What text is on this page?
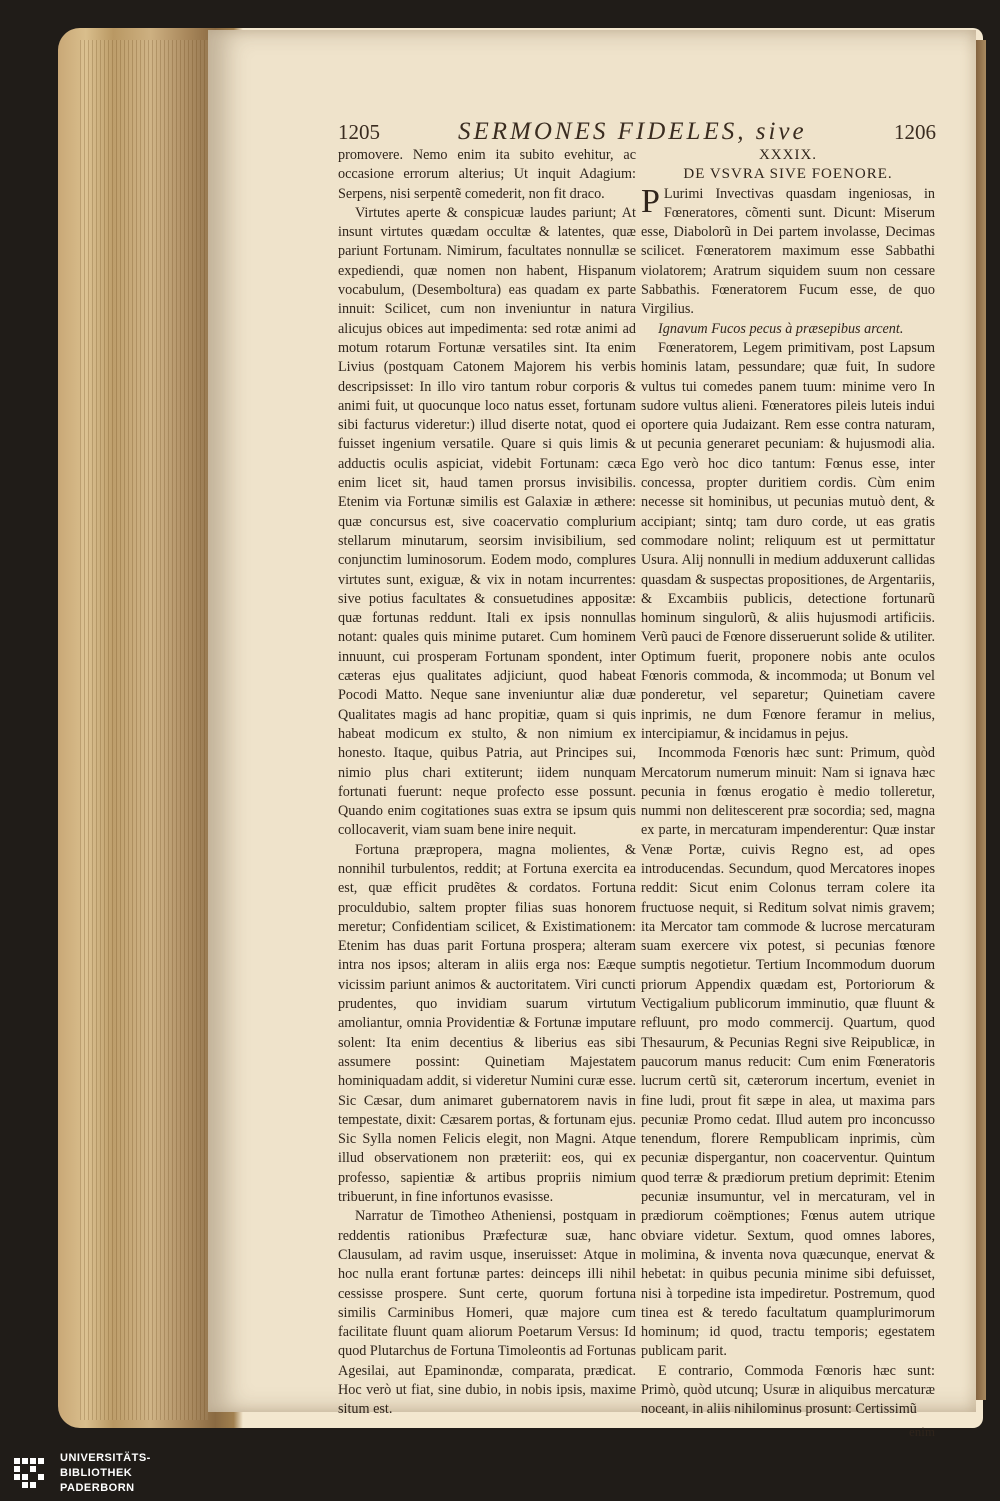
1205	SERMONES FIDELES, sive	1206

promovere. Nemo enim ita subito evehitur, ac occasione errorum alterius; Ut inquit Adagium: Serpens, nisi serpentẽ comederit, non fit draco.

Virtutes aperte & conspicuæ laudes pariunt; At insunt virtutes quædam occultæ & latentes, quæ pariunt Fortunam. Nimirum, facultates nonnullæ se expediendi, quæ nomen non habent, Hispanum vocabulum, (Desemboltura) eas quadam ex parte innuit: Scilicet, cum non inveniuntur in natura alicujus obices aut impedimenta: sed rotæ animi ad motum rotarum Fortunæ versatiles sint. Ita enim Livius (postquam Catonem Majorem his verbis descripsisset: In illo viro tantum robur corporis & animi fuit, ut quocunque loco natus esset, fortunam sibi facturus videretur:) illud diserte notat, quod ei fuisset ingenium versatile. Quare si quis limis & adductis oculis aspiciat, videbit Fortunam: cæca enim licet sit, haud tamen prorsus invisibilis. Etenim via Fortunæ similis est Galaxiæ in æthere: quæ concursus est, sive coacervatio complurium stellarum minutarum, seorsim invisibilium, sed conjunctim luminosorum. Eodem modo, complures virtutes sunt, exiguæ, & vix in notam incurrentes: sive potius facultates & consuetudines appositæ: quæ fortunas reddunt. Itali ex ipsis nonnullas notant: quales quis minime putaret. Cum hominem innuunt, cui prosperam Fortunam spondent, inter cæteras ejus qualitates adjiciunt, quod habeat Pocodi Matto. Neque sane inveniuntur aliæ duæ Qualitates magis ad hanc propitiæ, quam si quis habeat modicum ex stulto, & non nimium ex honesto. Itaque, quibus Patria, aut Principes sui, nimio plus chari extiterunt; iidem nunquam fortunati fuerunt: neque profecto esse possunt. Quando enim cogitationes suas extra se ipsum quis collocaverit, viam suam bene inire nequit.

Fortuna præpropera, magna molientes, & nonnihil turbulentos, reddit; at Fortuna exercita ea est, quæ efficit prudẽtes & cordatos. Fortuna proculdubio, saltem propter filias suas honorem meretur; Confidentiam scilicet, & Existimationem: Etenim has duas parit Fortuna prospera; alteram intra nos ipsos; alteram in aliis erga nos: Eæque vicissim pariunt animos & auctoritatem. Viri cuncti prudentes, quo invidiam suarum virtutum amoliantur, omnia Providentiæ & Fortunæ imputare solent: Ita enim decentius & liberius eas sibi assumere possint: Quinetiam Majestatem hominiquadam addit, si videretur Numini curæ esse. Sic Cæsar, dum animaret gubernatorem navis in tempestate, dixit: Cæsarem portas, & fortunam ejus. Sic Sylla nomen Felicis elegit, non Magni. Atque illud observationem non præteriit: eos, qui ex professo, sapientiæ & artibus propriis nimium tribuerunt, in fine infortunos evasisse.

Narratur de Timotheo Atheniensi, postquam in reddentis rationibus Præfecturæ suæ, hanc Clausulam, ad ravim usque, inseruisset: Atque in hoc nulla erant fortunæ partes: deinceps illi nihil cessisse prospere. Sunt certe, quorum fortuna similis Carminibus Homeri, quæ majore cum facilitate fluunt quam aliorum Poetarum Versus: Id quod Plutarchus de Fortuna Timoleontis ad Fortunas Agesilai, aut Epaminondæ, comparata, prædicat. Hoc verò ut fiat, sine dubio, in nobis ipsis, maxime situm est.

XXXIX.

DE VSVRA SIVE FOENORE.

P Lurimi Invectivas quasdam ingeniosas, in Fœneratores, cõmenti sunt. Dicunt: Miserum esse, Diabolorũ in Dei partem involasse, Decimas scilicet. Fœneratorem maximum esse Sabbathi violatorem; Aratrum siquidem suum non cessare Sabbathis. Fœneratorem Fucum esse, de quo Virgilius.

Ignavum Fucos pecus à præsepibus arcent.

Fœneratorem, Legem primitivam, post Lapsum hominis latam, pessundare; quæ fuit, In sudore vultus tui comedes panem tuum: minime vero In sudore vultus alieni. Fœneratores pileis luteis indui oportere quia Judaizant. Rem esse contra naturam, ut pecunia generaret pecuniam: & hujusmodi alia. Ego verò hoc dico tantum: Fœnus esse, inter concessa, propter duritiem cordis. Cùm enim necesse sit hominibus, ut pecunias mutuò dent, & accipiant; sintq; tam duro corde, ut eas gratis commodare nolint; reliquum est ut permittatur Usura. Alij nonnulli in medium adduxerunt callidas quasdam & suspectas propositiones, de Argentariis, & Excambiis publicis, detectione fortunarũ hominum singulorũ, & aliis hujusmodi artificiis. Verũ pauci de Fœnore disseruerunt solide & utiliter. Optimum fuerit, proponere nobis ante oculos Fœnoris commoda, & incommoda; ut Bonum vel ponderetur, vel separetur; Quinetiam cavere inprimis, ne dum Fœnore feramur in melius, intercipiamur, & incidamus in pejus.

Incommoda Fœnoris hæc sunt: Primum, quòd Mercatorum numerum minuit: Nam si ignava hæc pecunia in fœnus erogatio è medio tolleretur, nummi non delitescerent præ socordia; sed, magna ex parte, in mercaturam impenderentur: Quæ instar Venæ Portæ, cuivis Regno est, ad opes introducendas. Secundum, quod Mercatores inopes reddit: Sicut enim Colonus terram colere ita fructuose nequit, si Reditum solvat nimis gravem; ita Mercator tam commode & lucrose mercaturam suam exercere vix potest, si pecunias fœnore sumptis negotietur. Tertium Incommodum duorum priorum Appendix quædam est, Portoriorum & Vectigalium publicorum imminutio, quæ fluunt & refluunt, pro modo commercij. Quartum, quod Thesaurum, & Pecunias Regni sive Reipublicæ, in paucorum manus reducit: Cum enim Fœneratoris lucrum certũ sit, cæterorum incertum, eveniet in fine ludi, prout fit sæpe in alea, ut maxima pars pecuniæ Promo cedat. Illud autem pro inconcusso tenendum, florere Rempublicam inprimis, cùm pecuniæ dispergantur, non coacerventur. Quintum quod terræ & prædiorum pretium deprimit: Etenim pecuniæ insumuntur, vel in mercaturam, vel in prædiorum coëmptiones; Fœnus autem utrique obviare videtur. Sextum, quod omnes labores, molimina, & inventa nova quæcunque, enervat & hebetat: in quibus pecunia minime sibi defuisset, nisi à torpedine ista impediretur. Postremum, quod tinea est & teredo facultatum quamplurimorum hominum; id quod, tractu temporis; egestatem publicam parit.

E contrario, Commoda Fœnoris hæc sunt: Primò, quòd utcunq; Usuræ in aliquibus mercaturæ noceant, in aliis nihilominus prosunt: Certissimũ

enim
UNIVERSITÄTS-
BIBLIOTHEK
PADERBORN
